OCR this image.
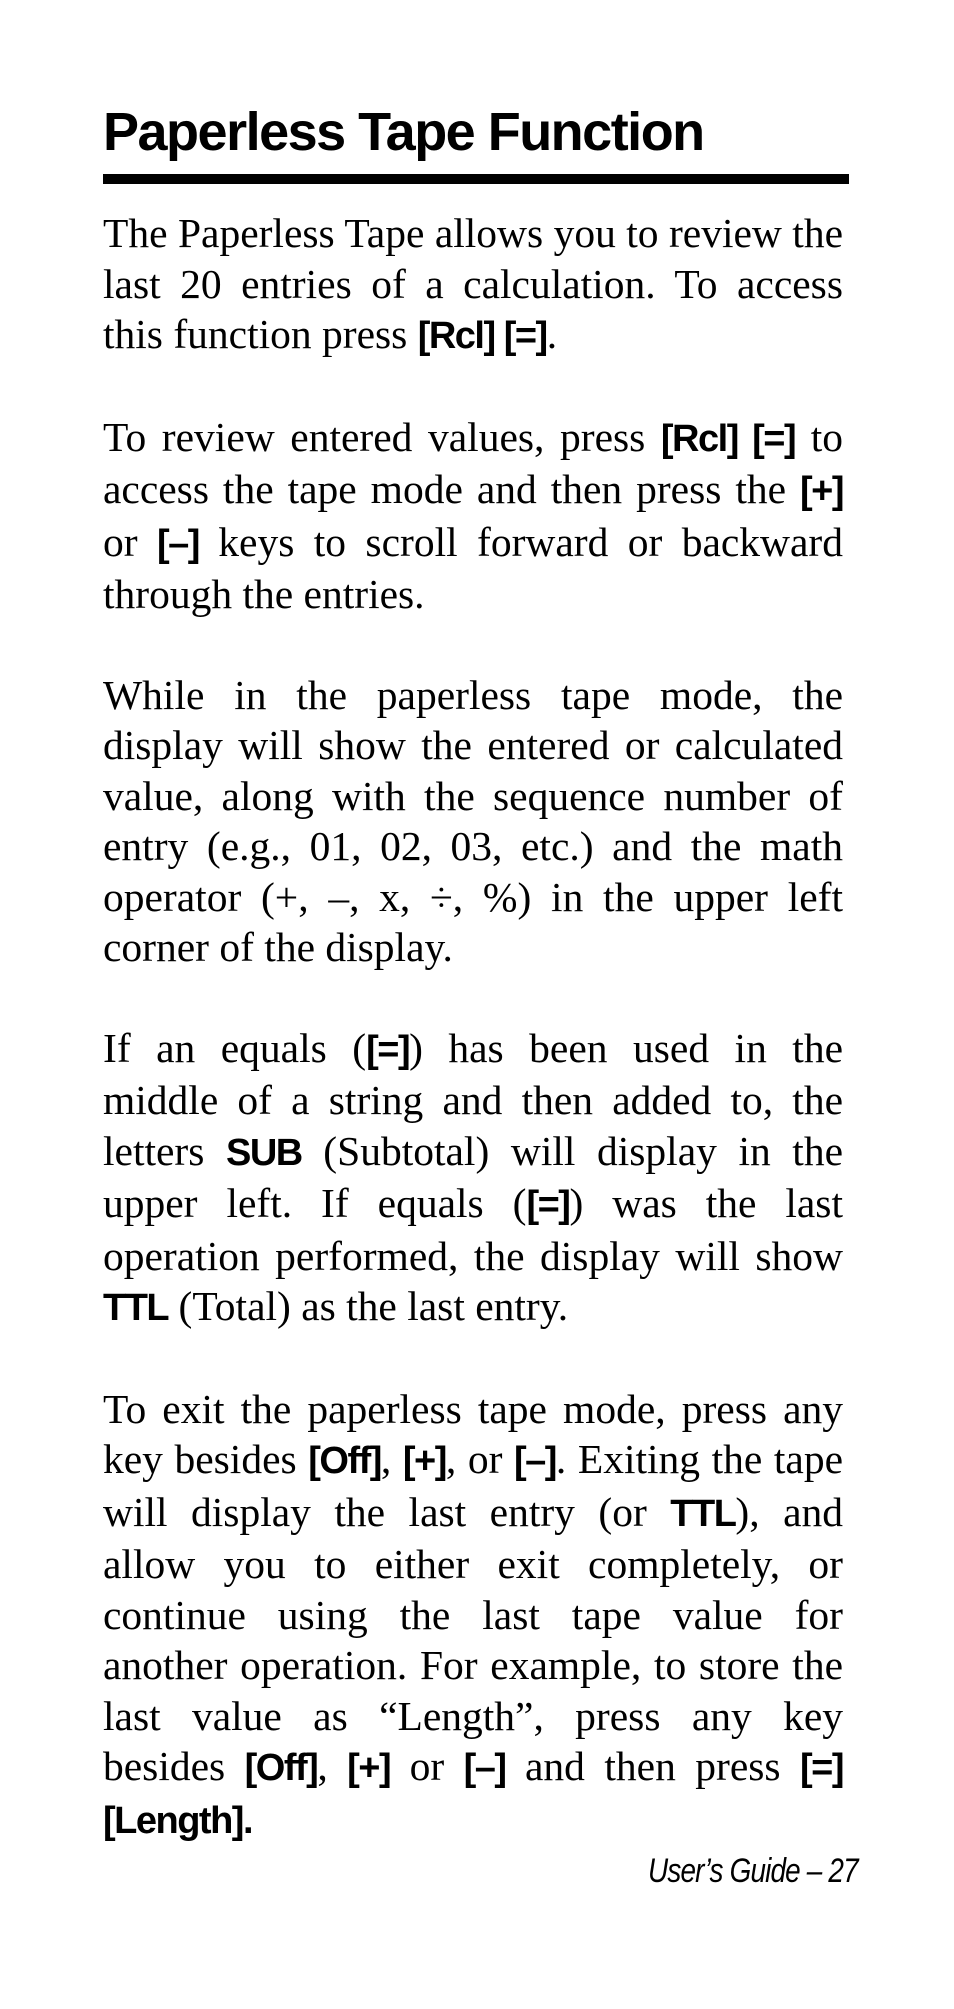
Paperless Tape Function

The Paperless Tape allows you to review the last 20 entries of a calculation. To access this function press [Rcl] [=].

To review entered values, press [Rcl] [=] to access the tape mode and then press the [+] or [–] keys to scroll forward or backward through the entries.

While in the paperless tape mode, the display will show the entered or calculated value, along with the sequence number of entry (e.g., 01, 02, 03, etc.) and the math operator (+, –, x, ÷, %) in the upper left corner of the display.

If an equals ([=]) has been used in the middle of a string and then added to, the letters SUB (Subtotal) will display in the upper left. If equals ([=]) was the last operation performed, the display will show TTL (Total) as the last entry.

To exit the paperless tape mode, press any key besides [Off], [+], or [–]. Exiting the tape will display the last entry (or TTL), and allow you to either exit completely, or continue using the last tape value for another operation. For example, to store the last value as “Length”, press any key besides [Off], [+] or [–] and then press [=] [Length].

User’s Guide – 27
